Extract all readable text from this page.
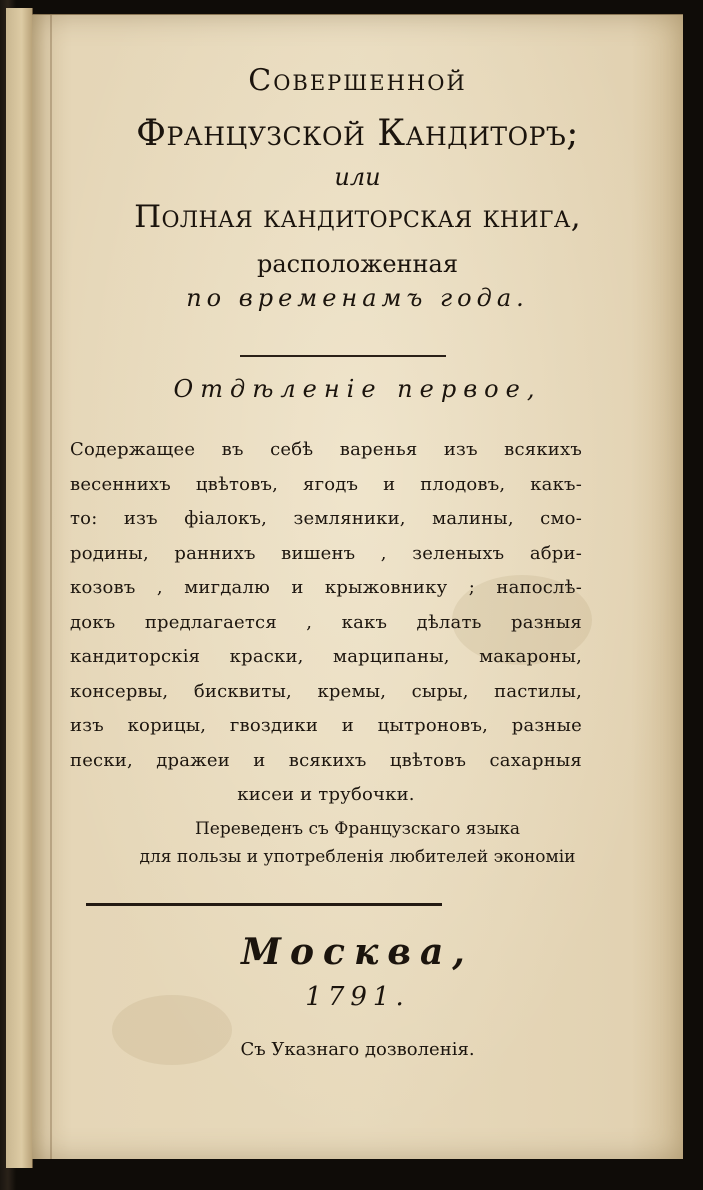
Совершенной
Французской Кандиторъ;
или
Полная кандиторская книга,
расположенная
по временамъ года.
Отдѣленіе первое,
Содержащее въ себѣ варенья изъ всякихъ
весеннихъ цвѣтовъ, ягодъ и плодовъ, какъ-
то: изъ фіалокъ, земляники, малины, смо-
родины, раннихъ вишенъ , зеленыхъ абри-
козовъ , мигдалю и крыжовнику ; напослѣ-
докъ предлагается , какъ дѣлать разныя
кандиторскія краски, марципаны, макароны,
консервы, бисквиты, кремы, сыры, пастилы,
изъ корицы, гвоздики и цытроновъ, разные
пески, дражеи и всякихъ цвѣтовъ сахарныя
кисеи и трубочки.
Переведенъ съ Французскаго языка
для пользы и употребленія любителей экономіи
Москва,
1791.
Съ Указнаго дозволенія.
